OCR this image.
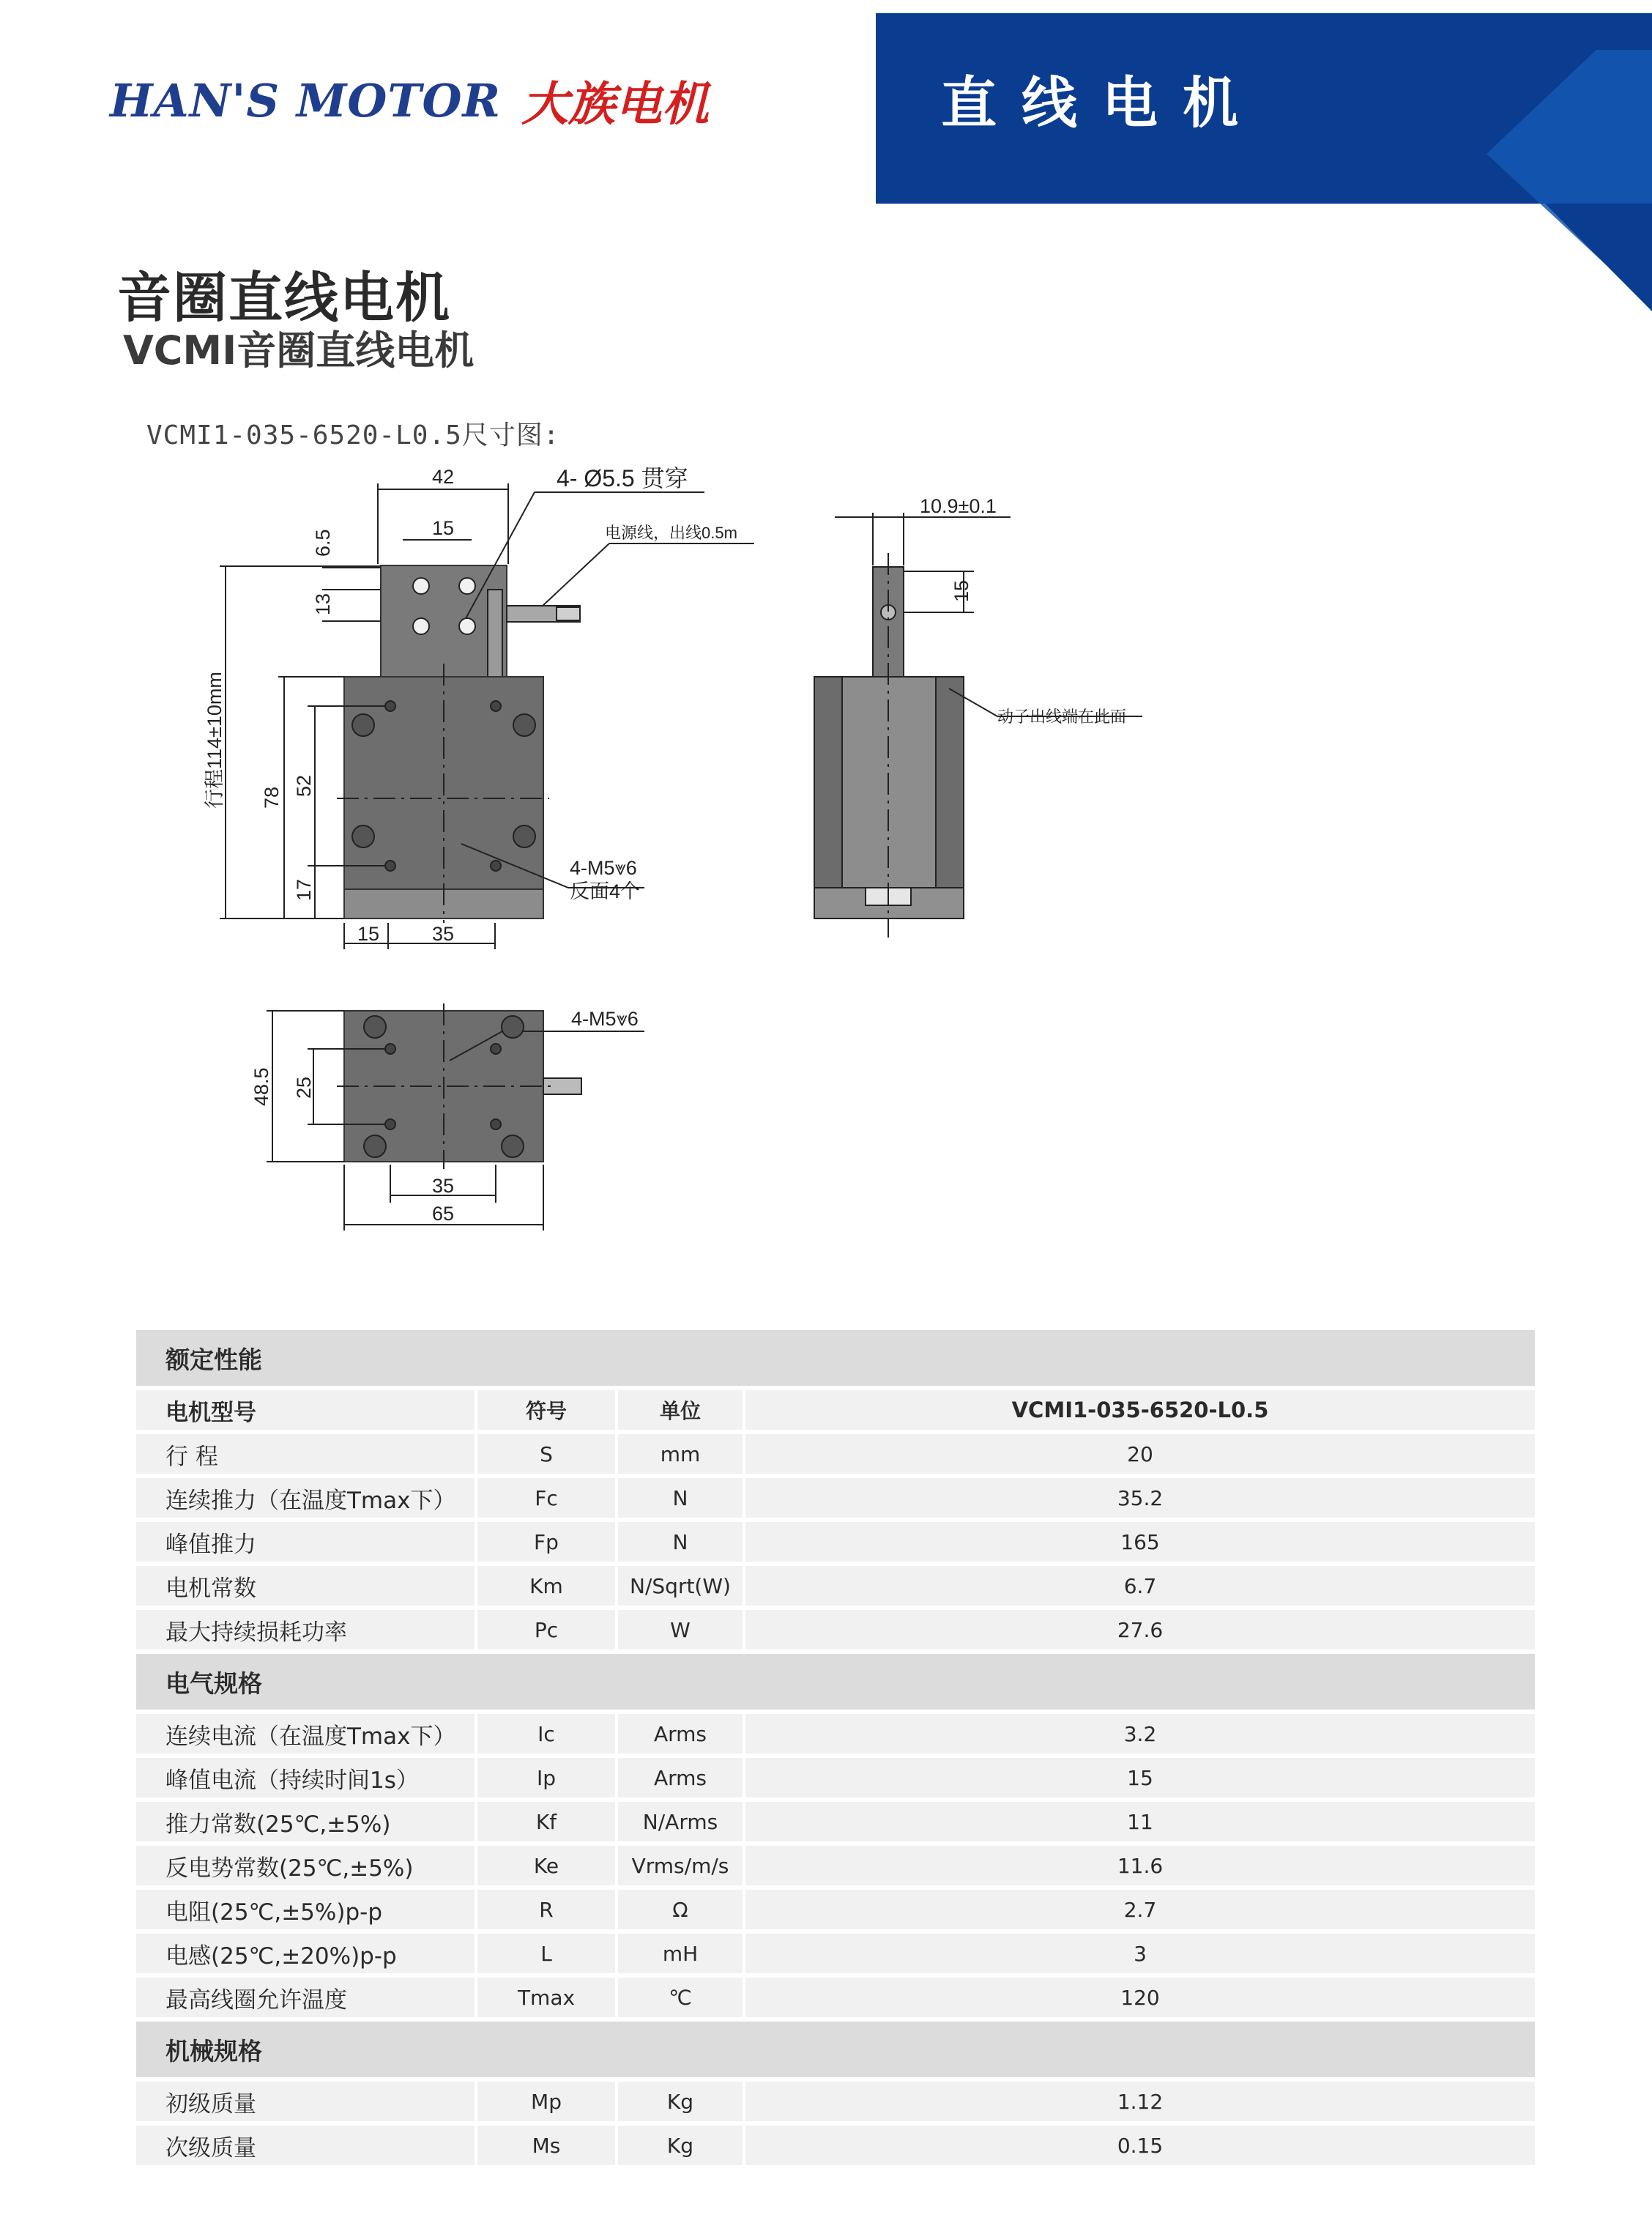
HAN'S MOTOR 大族电机	直线电机
音圈直线电机
VCMI音圈直线电机
VCMI1-035-6520-L0.5尺寸图:
42
15
4- Ø5.5 贯穿
电源线，出线0.5m
6.5
13
行程114±10mm 78
52
17
4-M5⩔6
反面4个
15	35
10.9±0.1
15
动子出线端在此面
48.5 25
4-M5⩔6
35
65
额定性能			
电机型号	符号	单位	VCMI1-035-6520-L0.5
行 程	S	mm	20
连续推力（在温度Tmax下）	Fc	N	35.2
峰值推力	Fp	N	165
电机常数	Km	N/Sqrt(W)	6.7
最大持续损耗功率	Pc	W	27.6
电气规格			
连续电流（在温度Tmax下）	Ic	Arms	3.2
峰值电流（持续时间1s）	Ip	Arms	15
推力常数(25℃,±5%)	Kf	N/Arms	11
反电势常数(25℃,±5%)	Ke	Vrms/m/s	11.6
电阻(25℃,±5%)p-p	R	Ω	2.7
电感(25℃,±20%)p-p	L	mH	3
最高线圈允许温度	Tmax	℃	120
机械规格			
初级质量	Mp	Kg	1.12
次级质量	Ms	Kg	0.15
